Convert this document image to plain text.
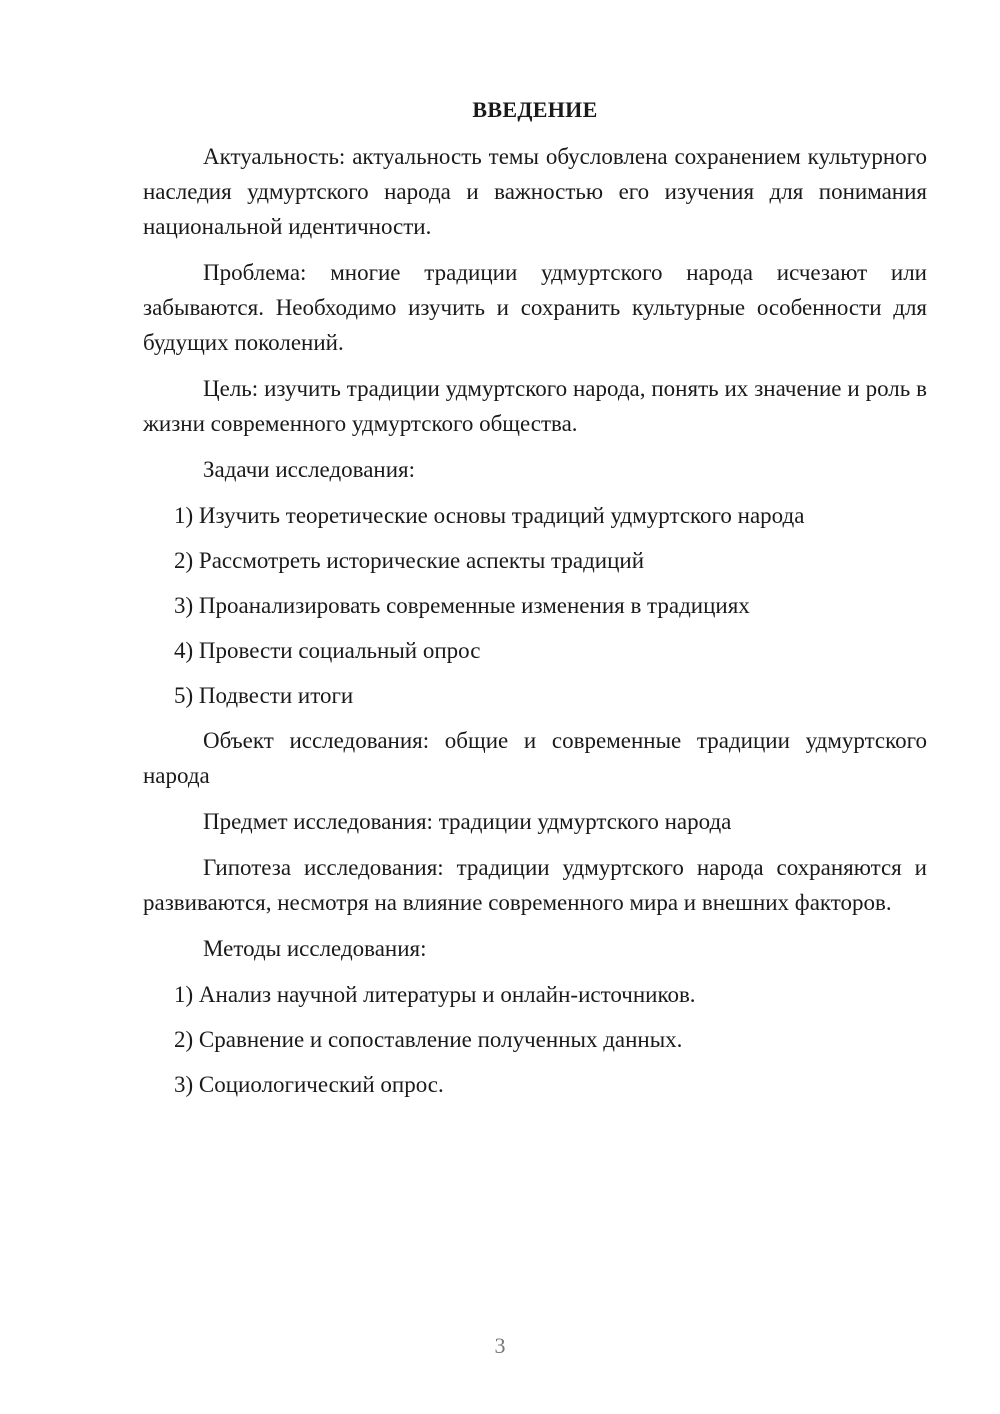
ВВЕДЕНИЕ

Актуальность: актуальность темы обусловлена сохранением культурного наследия удмуртского народа и важностью его изучения для понимания национальной идентичности.

Проблема: многие традиции удмуртского народа исчезают или забываются. Необходимо изучить и сохранить культурные особенности для будущих поколений.

Цель: изучить традиции удмуртского народа, понять их значение и роль в жизни современного удмуртского общества.

Задачи исследования:

1) Изучить теоретические основы традиций удмуртского народа
2) Рассмотреть исторические аспекты традиций
3) Проанализировать современные изменения в традициях
4) Провести социальный опрос
5) Подвести итоги

Объект исследования: общие и современные традиции удмуртского народа

Предмет исследования: традиции удмуртского народа

Гипотеза исследования: традиции удмуртского народа сохраняются и развиваются, несмотря на влияние современного мира и внешних факторов.

Методы исследования:

1) Анализ научной литературы и онлайн-источников.
2) Сравнение и сопоставление полученных данных.
3) Социологический опрос.
3
